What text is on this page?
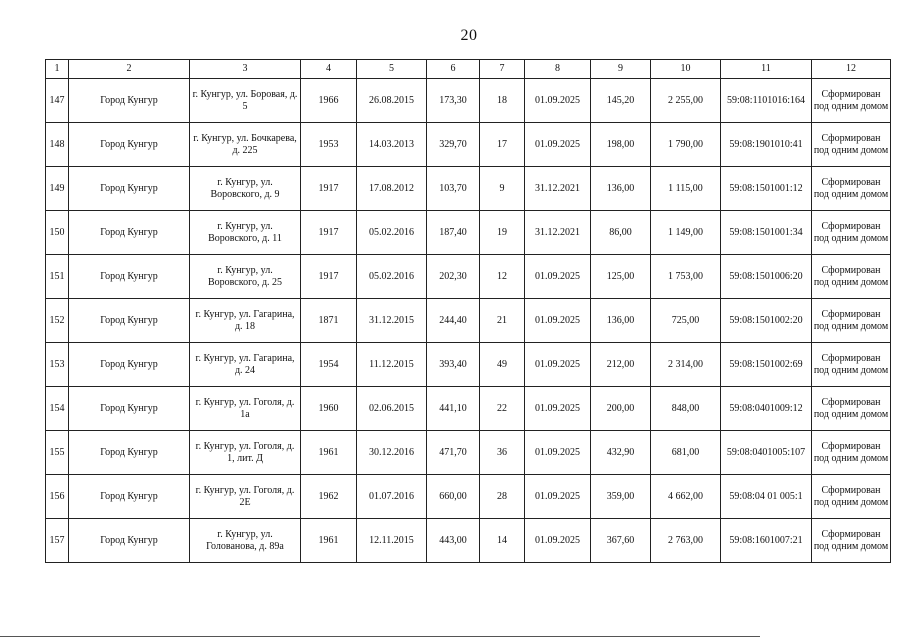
20
1	2	3	4	5	6	7	8	9	10	11	12
147	Город Кунгур	г. Кунгур, ул. Боровая, д. 5	1966	26.08.2015	173,30	18	01.09.2025	145,20	2 255,00	59:08:1101016:164	Сформирован под одним домом
148	Город Кунгур	г. Кунгур, ул. Бочкарева, д. 225	1953	14.03.2013	329,70	17	01.09.2025	198,00	1 790,00	59:08:1901010:41	Сформирован под одним домом
149	Город Кунгур	г. Кунгур, ул. Воровского, д. 9	1917	17.08.2012	103,70	9	31.12.2021	136,00	1 115,00	59:08:1501001:12	Сформирован под одним домом
150	Город Кунгур	г. Кунгур, ул. Воровского, д. 11	1917	05.02.2016	187,40	19	31.12.2021	86,00	1 149,00	59:08:1501001:34	Сформирован под одним домом
151	Город Кунгур	г. Кунгур, ул. Воровского, д. 25	1917	05.02.2016	202,30	12	01.09.2025	125,00	1 753,00	59:08:1501006:20	Сформирован под одним домом
152	Город Кунгур	г. Кунгур, ул. Гагарина, д. 18	1871	31.12.2015	244,40	21	01.09.2025	136,00	725,00	59:08:1501002:20	Сформирован под одним домом
153	Город Кунгур	г. Кунгур, ул. Гагарина, д. 24	1954	11.12.2015	393,40	49	01.09.2025	212,00	2 314,00	59:08:1501002:69	Сформирован под одним домом
154	Город Кунгур	г. Кунгур, ул. Гоголя, д. 1а	1960	02.06.2015	441,10	22	01.09.2025	200,00	848,00	59:08:0401009:12	Сформирован под одним домом
155	Город Кунгур	г. Кунгур, ул. Гоголя, д. 1, лит. Д	1961	30.12.2016	471,70	36	01.09.2025	432,90	681,00	59:08:0401005:107	Сформирован под одним домом
156	Город Кунгур	г. Кунгур, ул. Гоголя, д. 2Е	1962	01.07.2016	660,00	28	01.09.2025	359,00	4 662,00	59:08:04 01 005:1	Сформирован под одним домом
157	Город Кунгур	г. Кунгур, ул. Голованова, д. 89а	1961	12.11.2015	443,00	14	01.09.2025	367,60	2 763,00	59:08:1601007:21	Сформирован под одним домом
